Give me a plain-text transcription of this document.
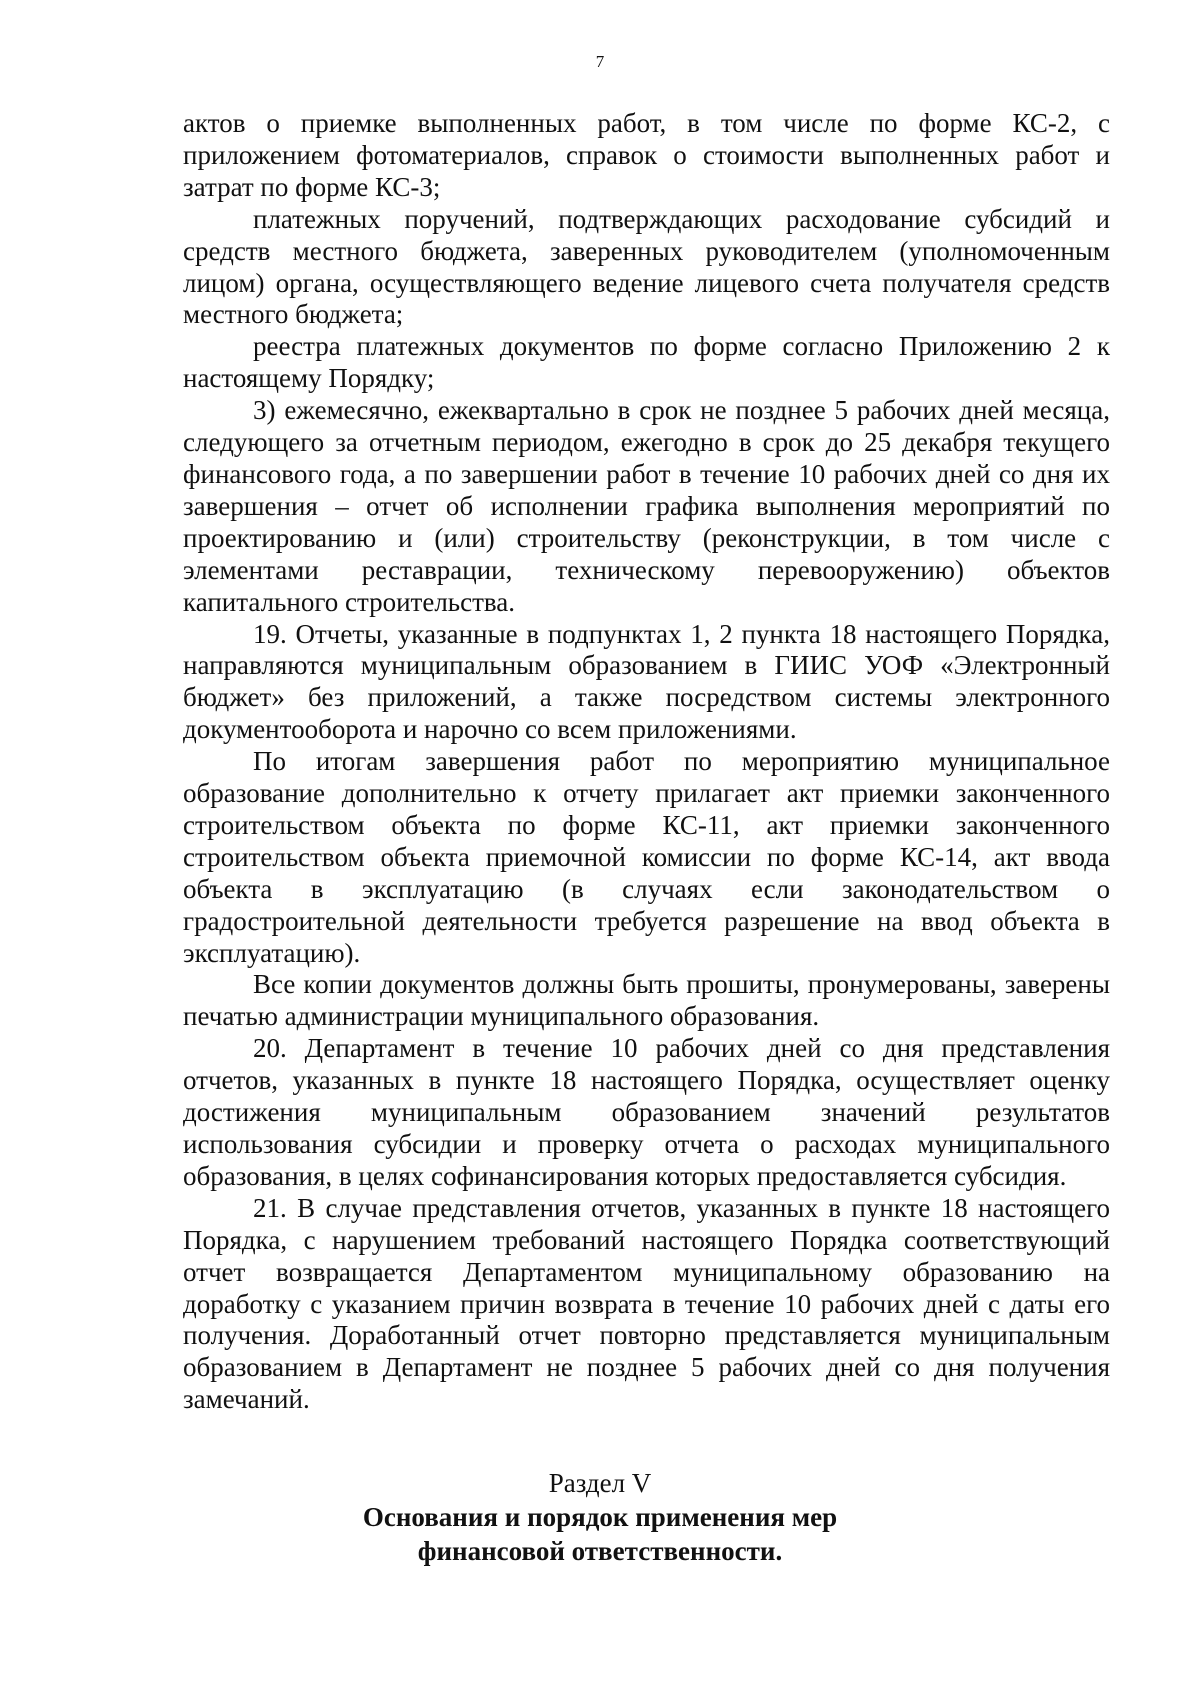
7

актов о приемке выполненных работ, в том числе по форме КС-2, с приложением фотоматериалов, справок о стоимости выполненных работ и затрат по форме КС-3;

платежных поручений, подтверждающих расходование субсидий и средств местного бюджета, заверенных руководителем (уполномоченным лицом) органа, осуществляющего ведение лицевого счета получателя средств местного бюджета;

реестра платежных документов по форме согласно Приложению 2 к настоящему Порядку;

3) ежемесячно, ежеквартально в срок не позднее 5 рабочих дней месяца, следующего за отчетным периодом, ежегодно в срок до 25 декабря текущего финансового года, а по завершении работ в течение 10 рабочих дней со дня их завершения – отчет об исполнении графика выполнения мероприятий по проектированию и (или) строительству (реконструкции, в том числе с элементами реставрации, техническому перевооружению) объектов капитального строительства.

19. Отчеты, указанные в подпунктах 1, 2 пункта 18 настоящего Порядка, направляются муниципальным образованием в ГИИС УОФ «Электронный бюджет» без приложений, а также посредством системы электронного документооборота и нарочно со всем приложениями.

По итогам завершения работ по мероприятию муниципальное образование дополнительно к отчету прилагает акт приемки законченного строительством объекта по форме КС-11, акт приемки законченного строительством объекта приемочной комиссии по форме КС-14, акт ввода объекта в эксплуатацию (в случаях если законодательством о градостроительной деятельности требуется разрешение на ввод объекта в эксплуатацию).

Все копии документов должны быть прошиты, пронумерованы, заверены печатью администрации муниципального образования.

20. Департамент в течение 10 рабочих дней со дня представления отчетов, указанных в пункте 18 настоящего Порядка, осуществляет оценку достижения муниципальным образованием значений результатов использования субсидии и проверку отчета о расходах муниципального образования, в целях софинансирования которых предоставляется субсидия.

21. В случае представления отчетов, указанных в пункте 18 настоящего Порядка, с нарушением требований настоящего Порядка соответствующий отчет возвращается Департаментом муниципальному образованию на доработку с указанием причин возврата в течение 10 рабочих дней с даты его получения. Доработанный отчет повторно представляется муниципальным образованием в Департамент не позднее 5 рабочих дней со дня получения замечаний.

Раздел V
Основания и порядок применения мер
финансовой ответственности.
